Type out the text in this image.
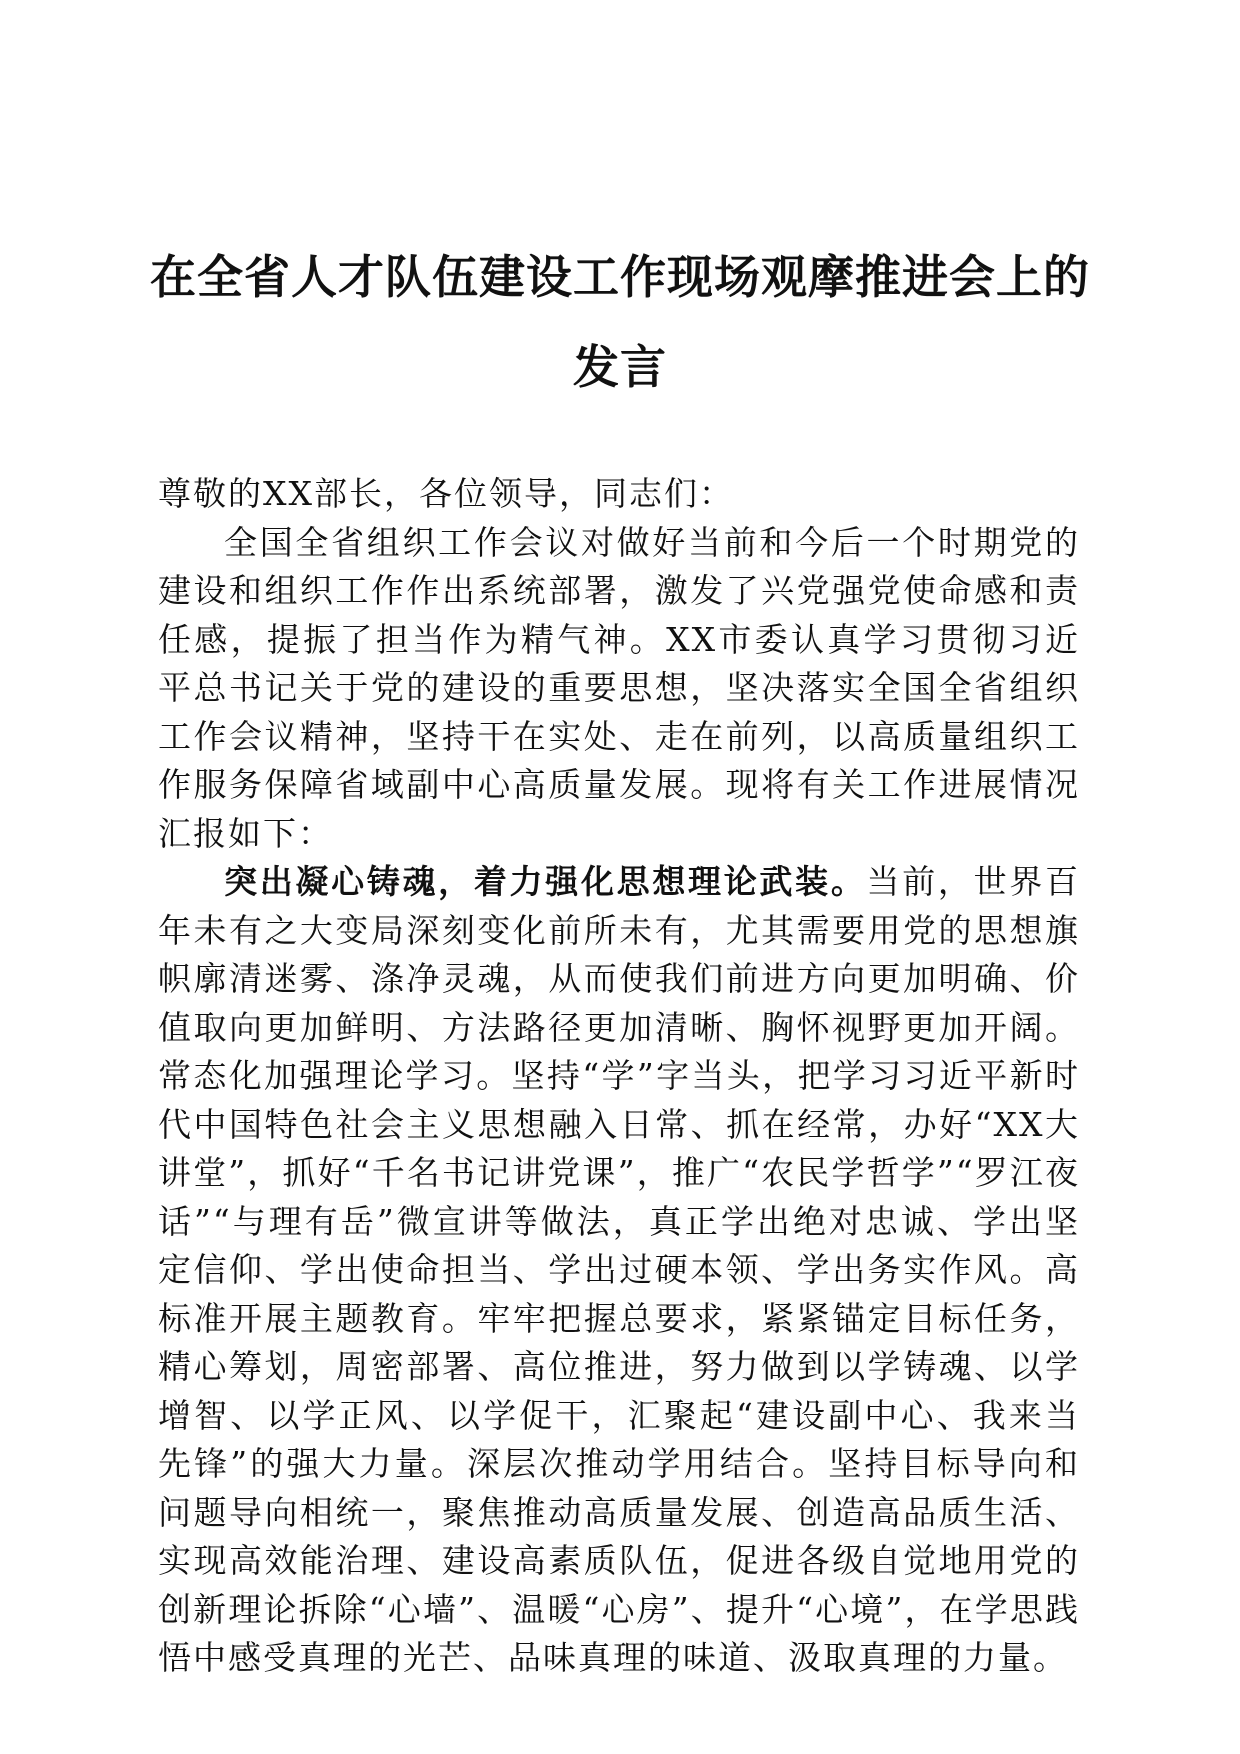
在全省人才队伍建设工作现场观摩推进会上的
发言

尊敬的XX部长，各位领导，同志们：

全国全省组织工作会议对做好当前和今后一个时期党的建设和组织工作作出系统部署，激发了兴党强党使命感和责任感，提振了担当作为精气神。XX市委认真学习贯彻习近平总书记关于党的建设的重要思想，坚决落实全国全省组织工作会议精神，坚持干在实处、走在前列，以高质量组织工作服务保障省域副中心高质量发展。现将有关工作进展情况汇报如下：

突出凝心铸魂，着力强化思想理论武装。当前，世界百年未有之大变局深刻变化前所未有，尤其需要用党的思想旗帜廓清迷雾、涤净灵魂，从而使我们前进方向更加明确、价值取向更加鲜明、方法路径更加清晰、胸怀视野更加开阔。常态化加强理论学习。坚持“学”字当头，把学习习近平新时代中国特色社会主义思想融入日常、抓在经常，办好“XX大讲堂”，抓好“千名书记讲党课”，推广“农民学哲学”“罗江夜话”“与理有岳”微宣讲等做法，真正学出绝对忠诚、学出坚定信仰、学出使命担当、学出过硬本领、学出务实作风。高标准开展主题教育。牢牢把握总要求，紧紧锚定目标任务，精心筹划，周密部署、高位推进，努力做到以学铸魂、以学增智、以学正风、以学促干，汇聚起“建设副中心、我来当先锋”的强大力量。深层次推动学用结合。坚持目标导向和问题导向相统一，聚焦推动高质量发展、创造高品质生活、实现高效能治理、建设高素质队伍，促进各级自觉地用党的创新理论拆除“心墙”、温暖“心房”、提升“心境”，在学思践悟中感受真理的光芒、品味真理的味道、汲取真理的力量。
